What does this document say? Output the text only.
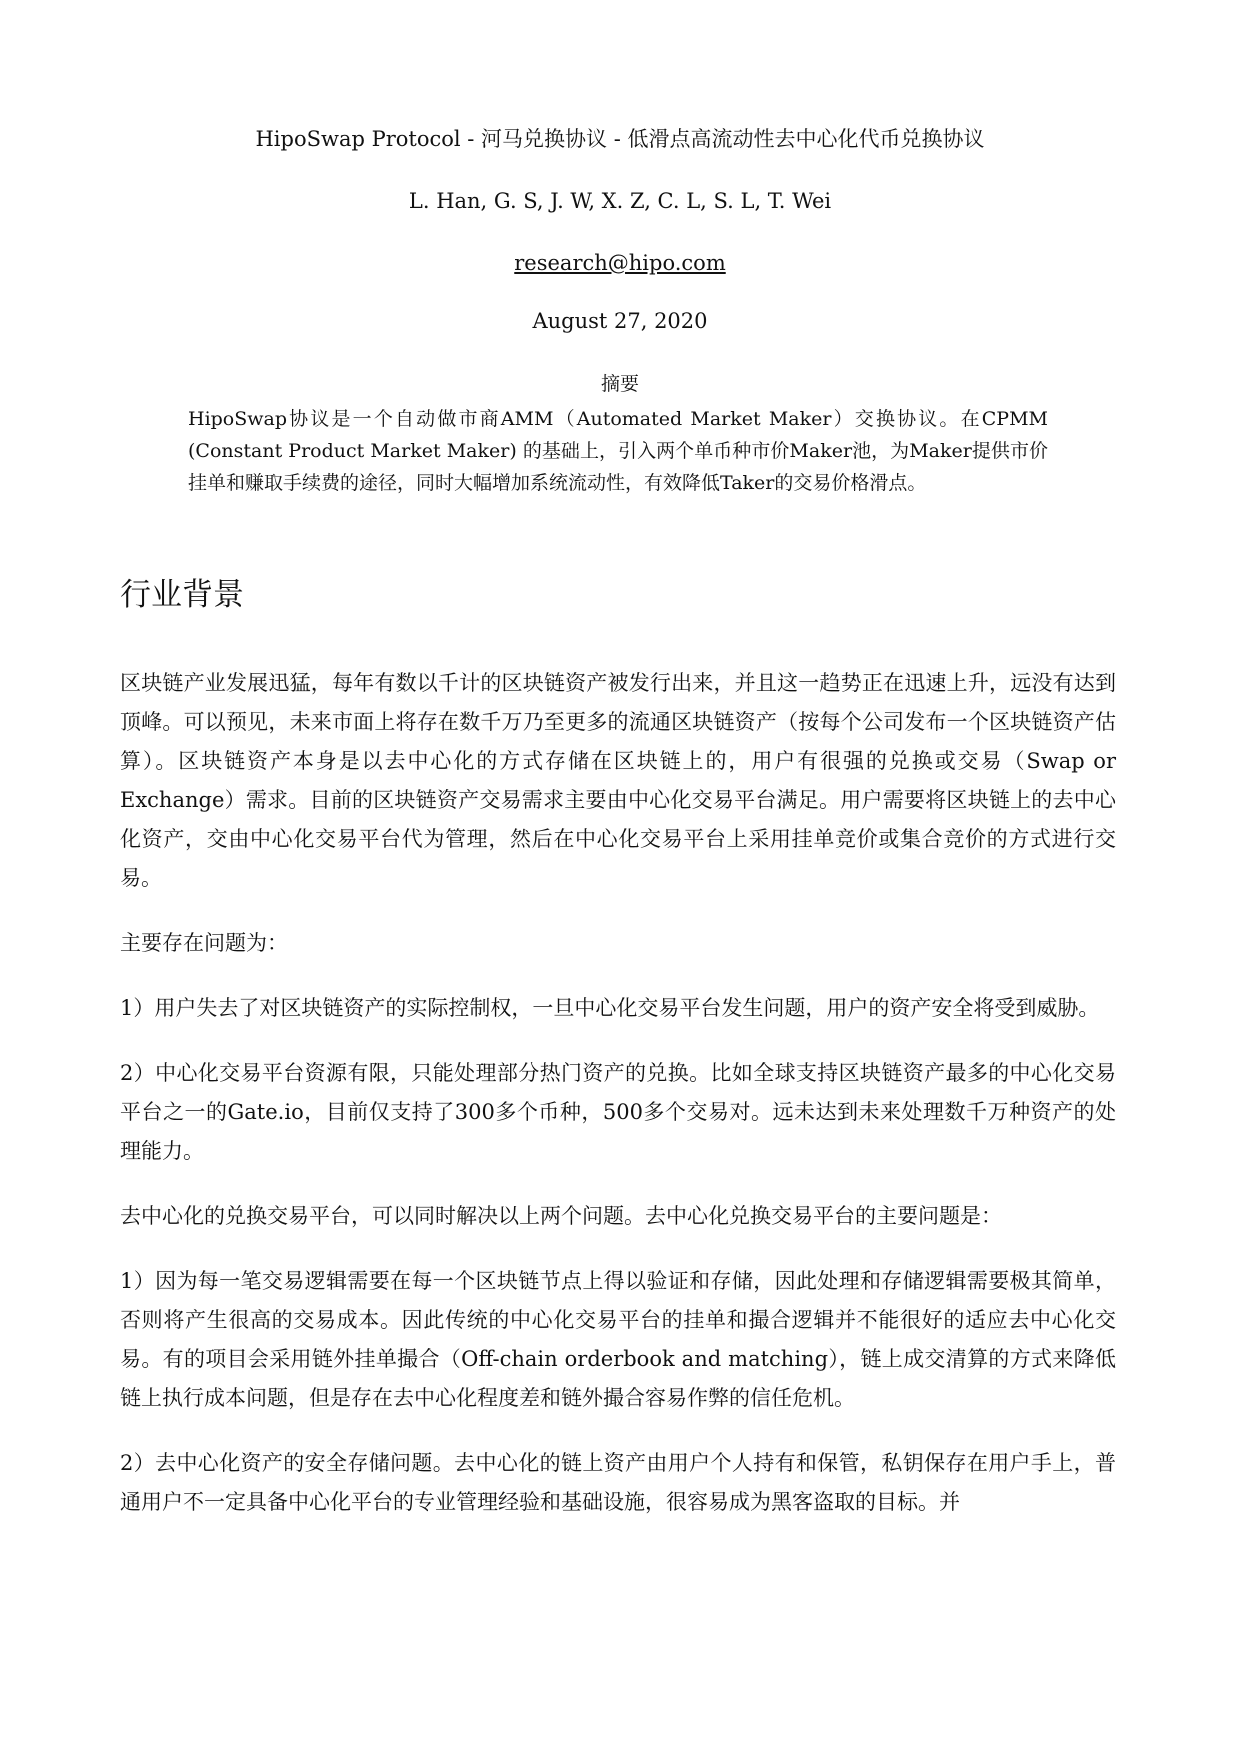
HipoSwap Protocol - 河马兑换协议 - 低滑点高流动性去中心化代币兑换协议
L. Han, G. S, J. W, X. Z, C. L, S. L, T. Wei
research@hipo.com
August 27, 2020
摘要
HipoSwap协议是一个自动做市商AMM（Automated Market Maker）交换协议。在CPMM (Constant Product Market Maker) 的基础上，引入两个单币种市价Maker池，为Maker提供市价挂单和赚取手续费的途径，同时大幅增加系统流动性，有效降低Taker的交易价格滑点。
行业背景

区块链产业发展迅猛，每年有数以千计的区块链资产被发行出来，并且这一趋势正在迅速上升，远没有达到顶峰。可以预见，未来市面上将存在数千万乃至更多的流通区块链资产（按每个公司发布一个区块链资产估算）。区块链资产本身是以去中心化的方式存储在区块链上的，用户有很强的兑换或交易（Swap or Exchange）需求。目前的区块链资产交易需求主要由中心化交易平台满足。用户需要将区块链上的去中心化资产，交由中心化交易平台代为管理，然后在中心化交易平台上采用挂单竞价或集合竞价的方式进行交易。

主要存在问题为：

1）用户失去了对区块链资产的实际控制权，一旦中心化交易平台发生问题，用户的资产安全将受到威胁。

2）中心化交易平台资源有限，只能处理部分热门资产的兑换。比如全球支持区块链资产最多的中心化交易平台之一的Gate.io，目前仅支持了300多个币种，500多个交易对。远未达到未来处理数千万种资产的处理能力。

去中心化的兑换交易平台，可以同时解决以上两个问题。去中心化兑换交易平台的主要问题是：

1）因为每一笔交易逻辑需要在每一个区块链节点上得以验证和存储，因此处理和存储逻辑需要极其简单，否则将产生很高的交易成本。因此传统的中心化交易平台的挂单和撮合逻辑并不能很好的适应去中心化交易。有的项目会采用链外挂单撮合（Off-chain orderbook and matching），链上成交清算的方式来降低链上执行成本问题，但是存在去中心化程度差和链外撮合容易作弊的信任危机。

2）去中心化资产的安全存储问题。去中心化的链上资产由用户个人持有和保管，私钥保存在用户手上，普通用户不一定具备中心化平台的专业管理经验和基础设施，很容易成为黑客盗取的目标。并
